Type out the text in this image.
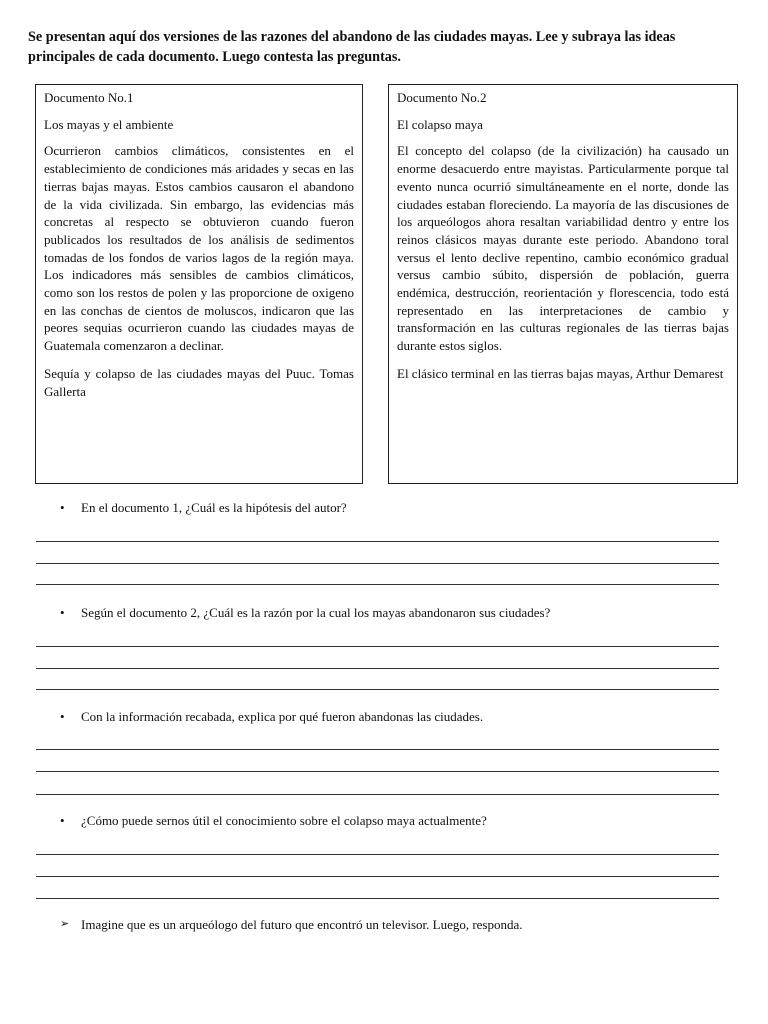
Se presentan aquí dos versiones de las razones del abandono de las ciudades mayas. Lee y subraya las ideas principales de cada documento. Luego contesta las preguntas.

Documento No.1

Los mayas y el ambiente

Ocurrieron cambios climáticos, consistentes en el establecimiento de condiciones más aridades y secas en las tierras bajas mayas. Estos cambios causaron el abandono de la vida civilizada. Sin embargo, las evidencias más concretas al respecto se obtuvieron cuando fueron publicados los resultados de los análisis de sedimentos tomadas de los fondos de varios lagos de la región maya. Los indicadores más sensibles de cambios climáticos, como son los restos de polen y las proporcione de oxigeno en las conchas de cientos de moluscos, indicaron que las peores sequias ocurrieron cuando las ciudades mayas de Guatemala comenzaron a declinar.

Sequía y colapso de las ciudades mayas del Puuc. Tomas Gallerta

Documento No.2

El colapso maya

El concepto del colapso (de la civilización) ha causado un enorme desacuerdo entre mayistas. Particularmente porque tal evento nunca ocurrió simultáneamente en el norte, donde las ciudades estaban floreciendo. La mayoría de las discusiones de los arqueólogos ahora resaltan variabilidad dentro y entre los reinos clásicos mayas durante este periodo. Abandono toral versus el lento declive repentino, cambio económico gradual versus cambio súbito, dispersión de población, guerra endémica, destrucción, reorientación y florescencia, todo está representado en las interpretaciones de cambio y transformación en las culturas regionales de las tierras bajas durante estos siglos.

El clásico terminal en las tierras bajas mayas, Arthur Demarest

•	En el documento 1, ¿Cuál es la hipótesis del autor?
•	Según el documento 2, ¿Cuál es la razón por la cual los mayas abandonaron sus ciudades?
•	Con la información recabada, explica por qué fueron abandonas las ciudades.
•	¿Cómo puede sernos útil el conocimiento sobre el colapso maya actualmente?
➢ Imagine que es un arqueólogo del futuro que encontró un televisor. Luego, responda.
